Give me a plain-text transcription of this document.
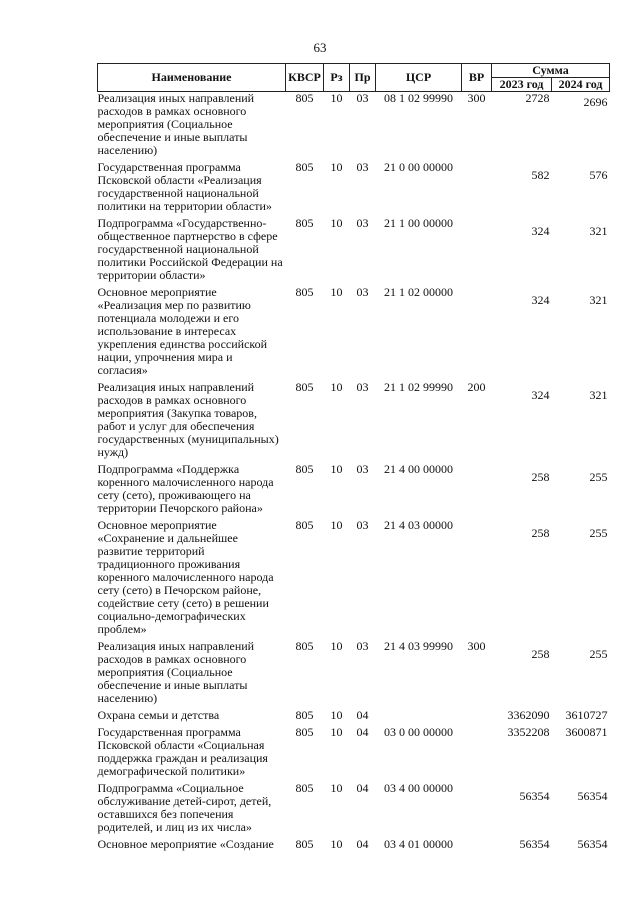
63
Наименование	КВСР	Рз	Пр	ЦСР	ВР	Сумма	
						2023 год	2024 год
Реализация иных направлений расходов в рамках основного мероприятия (Социальное обеспечение и иные выплаты населению)	805	10	03	08 1 02 99990	300	2728	2696
Государственная программа Псковской области «Реализация государственной национальной политики на территории области»	805	10	03	21 0 00 00000		582	576
Подпрограмма «Государственно-общественное партнерство в сфере государственной национальной политики Российской Федерации на территории области»	805	10	03	21 1 00 00000		324	321
Основное мероприятие «Реализация мер по развитию потенциала молодежи и его использование в интересах укрепления единства российской нации, упрочнения мира и согласия»	805	10	03	21 1 02 00000		324	321
Реализация иных направлений расходов в рамках основного мероприятия (Закупка товаров, работ и услуг для обеспечения государственных (муниципальных) нужд)	805	10	03	21 1 02 99990	200	324	321
Подпрограмма «Поддержка коренного малочисленного народа сету (сето), проживающего на территории Печорского района»	805	10	03	21 4 00 00000		258	255
Основное мероприятие «Сохранение и дальнейшее развитие территорий традиционного проживания коренного малочисленного народа сету (сето) в Печорском районе, содействие сету (сето) в решении социально-демографических проблем»	805	10	03	21 4 03 00000		258	255
Реализация иных направлений расходов в рамках основного мероприятия (Социальное обеспечение и иные выплаты населению)	805	10	03	21 4 03 99990	300	258	255
Охрана семьи и детства	805	10	04			3362090	3610727
Государственная программа Псковской области «Социальная поддержка граждан и реализация демографической политики»	805	10	04	03 0 00 00000		3352208	3600871
Подпрограмма «Социальное обслуживание детей-сирот, детей, оставшихся без попечения родителей, и лиц из их числа»	805	10	04	03 4 00 00000		56354	56354
Основное мероприятие «Создание	805	10	04	03 4 01 00000		56354	56354
